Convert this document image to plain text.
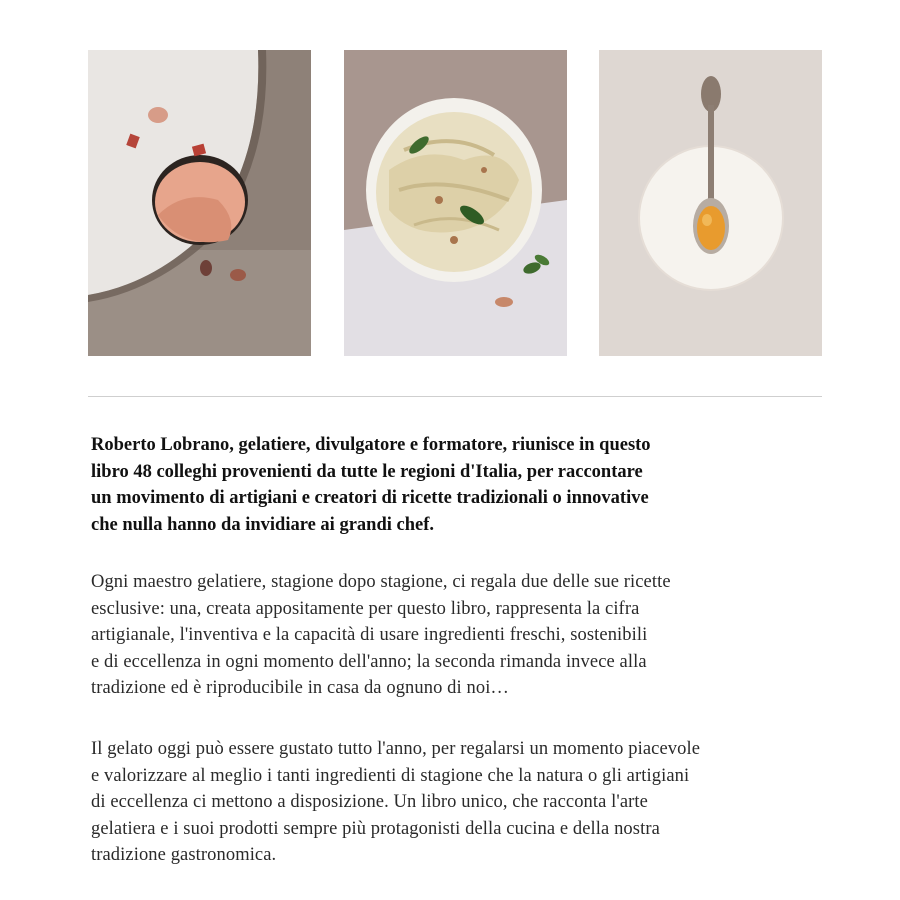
Roberto Lobrano, gelatiere, divulgatore e formatore, riunisce in questo
libro 48 colleghi provenienti da tutte le regioni d'Italia, per raccontare
un movimento di artigiani e creatori di ricette tradizionali o innovative
che nulla hanno da invidiare ai grandi chef.
Ogni maestro gelatiere, stagione dopo stagione, ci regala due delle sue ricette
esclusive: una, creata appositamente per questo libro, rappresenta la cifra
artigianale, l'inventiva e la capacità di usare ingredienti freschi, sostenibili
e di eccellenza in ogni momento dell'anno; la seconda rimanda invece alla
tradizione ed è riproducibile in casa da ognuno di noi…
Il gelato oggi può essere gustato tutto l'anno, per regalarsi un momento piacevole
e valorizzare al meglio i tanti ingredienti di stagione che la natura o gli artigiani
di eccellenza ci mettono a disposizione. Un libro unico, che racconta l'arte
gelatiera e i suoi prodotti sempre più protagonisti della cucina e della nostra
tradizione gastronomica.
